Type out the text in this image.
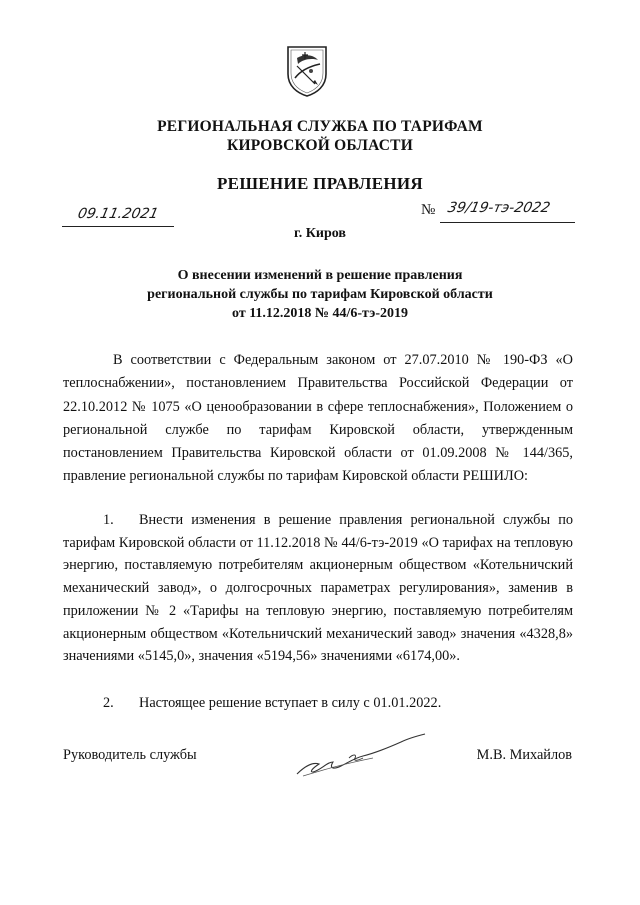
РЕГИОНАЛЬНАЯ СЛУЖБА ПО ТАРИФАМ
КИРОВСКОЙ ОБЛАСТИ
РЕШЕНИЕ ПРАВЛЕНИЯ
09.11.2021	№ 39/19-тэ-2022
г. Киров
О внесении изменений в решение правления
региональной службы по тарифам Кировской области
от 11.12.2018 № 44/6-тэ-2019
В соответствии с Федеральным законом от 27.07.2010 № 190-ФЗ «О теплоснабжении», постановлением Правительства Российской Федерации от 22.10.2012 № 1075 «О ценообразовании в сфере теплоснабжения», Положением о региональной службе по тарифам Кировской области, утвержденным постановлением Правительства Кировской области от 01.09.2008 № 144/365, правление региональной службы по тарифам Кировской области РЕШИЛО:
1. Внести изменения в решение правления региональной службы по тарифам Кировской области от 11.12.2018 № 44/6-тэ-2019 «О тарифах на тепловую энергию, поставляемую потребителям акционерным обществом «Котельничский механический завод», о долгосрочных параметрах регулирования», заменив в приложении № 2 «Тарифы на тепловую энергию, поставляемую потребителям акционерным обществом «Котельничский механический завод» значения «4328,8» значениями «5145,0», значения «5194,56» значениями «6174,00».
2. Настоящее решение вступает в силу с 01.01.2022.
Руководитель службы	М.В. Михайлов
